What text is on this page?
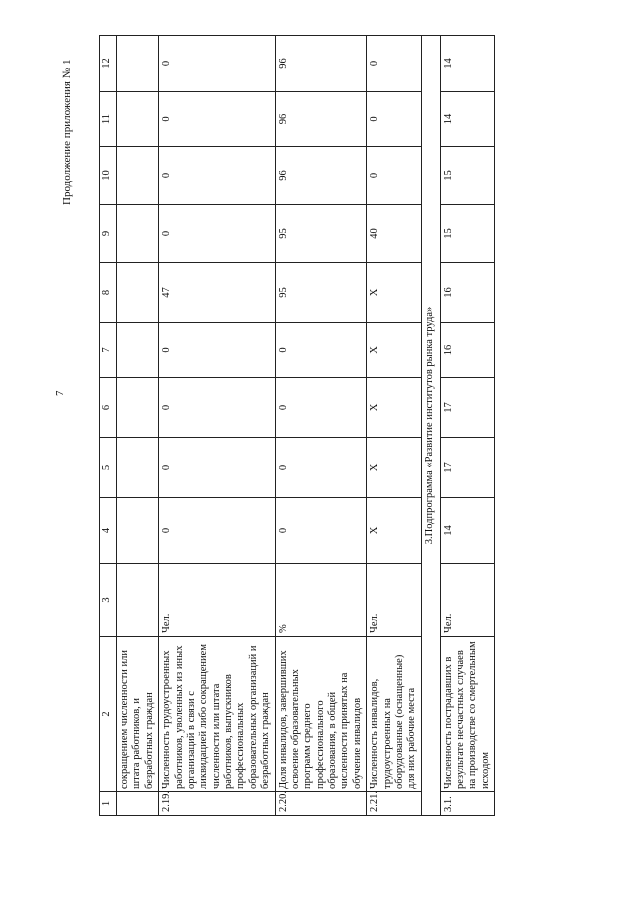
7
Продолжение приложения № 1
1	2	3	4	5	6	7	8	9	10	11	12
	сокращением численности или штата работников, и безработных граждан										
2.19.	Численность трудоустроенных работников, уволенных из иных организаций в связи с ликвидацией либо сокращением численности или штата работников, выпускников профессиональных образовательных организаций и безработных граждан	Чел.	0	0	0	0	47	0	0	0	0
2.20.	Доля инвалидов, завершивших освоение образовательных программ среднего профессионального образования, в общей численности принятых на обучение инвалидов	%	0	0	0	0	95	95	96	96	96
2.21.	Численность инвалидов, трудоустроенных на оборудованные (оснащенные) для них рабочие места	Чел.	X	X	X	X	X	40	0	0	0
3.Подпрограмма «Развитие институтов рынка труда»											
3.1.	Численность пострадавших в результате несчастных случаев на производстве со смертельным исходом	Чел.	14	17	17	16	16	15	15	14	14
